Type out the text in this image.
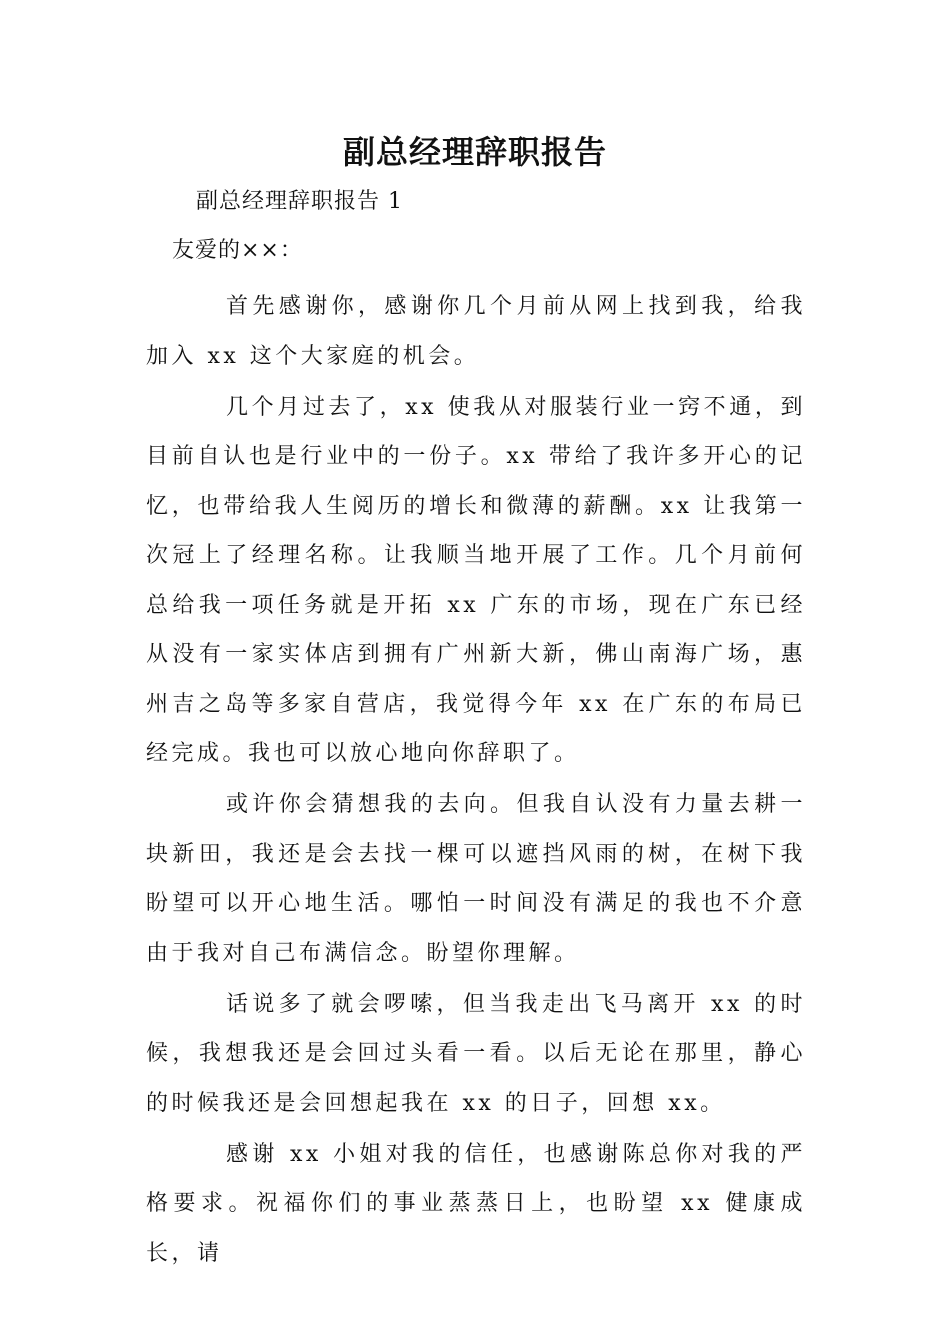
副总经理辞职报告
副总经理辞职报告 1
友爱的××：

首先感谢你，感谢你几个月前从网上找到我，给我加入 xx 这个大家庭的机会。

几个月过去了，xx 使我从对服装行业一窍不通，到目前自认也是行业中的一份子。xx 带给了我许多开心的记忆，也带给我人生阅历的增长和微薄的薪酬。xx 让我第一次冠上了经理名称。让我顺当地开展了工作。几个月前何总给我一项任务就是开拓 xx 广东的市场，现在广东已经从没有一家实体店到拥有广州新大新，佛山南海广场，惠州吉之岛等多家自营店，我觉得今年 xx 在广东的布局已经完成。我也可以放心地向你辞职了。

或许你会猜想我的去向。但我自认没有力量去耕一块新田，我还是会去找一棵可以遮挡风雨的树，在树下我盼望可以开心地生活。哪怕一时间没有满足的我也不介意由于我对自己布满信念。盼望你理解。

话说多了就会啰嗦，但当我走出飞马离开 xx 的时候，我想我还是会回过头看一看。以后无论在那里，静心的时候我还是会回想起我在 xx 的日子，回想 xx。

感谢 xx 小姐对我的信任，也感谢陈总你对我的严格要求。祝福你们的事业蒸蒸日上，也盼望 xx 健康成长，请
